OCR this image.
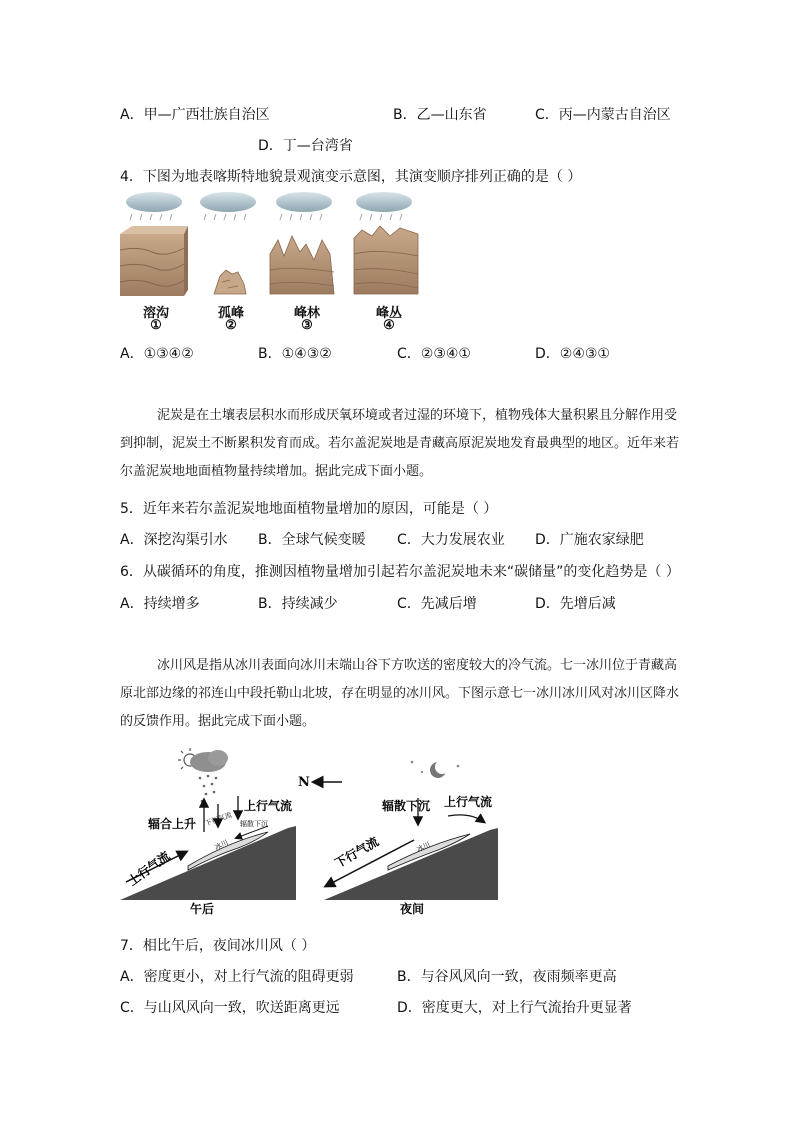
A．甲—广西壮族自治区	B．乙—山东省	C．丙—内蒙古自治区
D．丁—台湾省
4．下图为地表喀斯特地貌景观演变示意图，其演变顺序排列正确的是（ ）
溶沟
①
孤峰
②
峰林
③
峰丛
④
A．①③④②	B．①④③②	C．②③④①	D．②④③①
泥炭是在土壤表层积水而形成厌氧环境或者过湿的环境下，植物残体大量积累且分解作用受到抑制，泥炭土不断累积发育而成。若尔盖泥炭地是青藏高原泥炭地发育最典型的地区。近年来若尔盖泥炭地地面植物量持续增加。据此完成下面小题。
5．近年来若尔盖泥炭地地面植物量增加的原因，可能是（ ）
A．深挖沟渠引水 B．全球气候变暖 C．大力发展农业 D．广施农家绿肥
6．从碳循环的角度，推测因植物量增加引起若尔盖泥炭地未来“碳储量”的变化趋势是（ ）
A．持续增多	B．持续减少	C．先减后增	D．先增后减
冰川风是指从冰川表面向冰川末端山谷下方吹送的密度较大的冷气流。七一冰川位于青藏高原北部边缘的祁连山中段托勒山北坡，存在明显的冰川风。下图示意七一冰川冰川风对冰川区降水的反馈作用。据此完成下面小题。
辐合上升
上行气流
下行气流 辐散下沉
冰川
上行气流
午后
N
辐散下沉 上行气流
冰川
下行气流
夜间
7．相比午后，夜间冰川风（ ）
A．密度更小，对上行气流的阻碍更弱	B．与谷风风向一致，夜雨频率更高
C．与山风风向一致，吹送距离更远	D．密度更大，对上行气流抬升更显著
